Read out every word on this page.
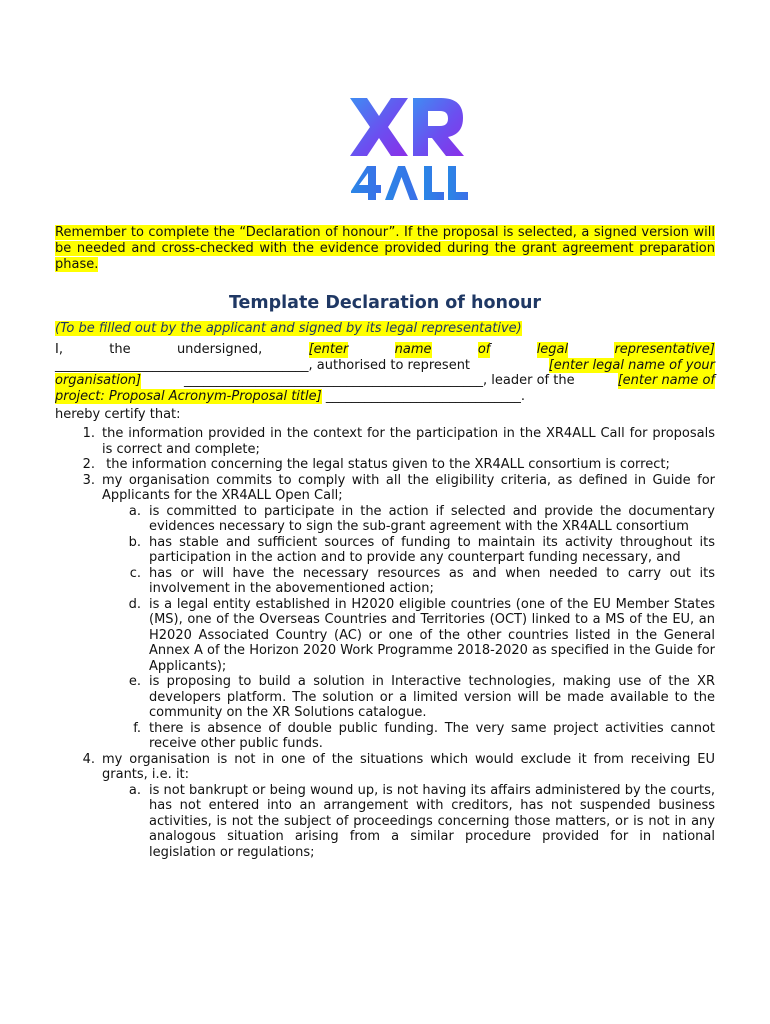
Remember to complete the “Declaration of honour”. If the proposal is selected, a signed version will be needed and cross-checked with the evidence provided during the grant agreement preparation phase.

Template Declaration of honour

(To be filled out by the applicant and signed by its legal representative)

I,	the	undersigned,	[enter	name	of	legal	representative]
_______________________________________, authorised to represent	[enter legal name of your
organisation]	______________________________________________, leader of the	[enter name of
project: Proposal Acronym-Proposal title] ______________________________.

hereby certify that:

1. the information provided in the context for the participation in the XR4ALL Call for proposals is correct and complete;
2. the information concerning the legal status given to the XR4ALL consortium is correct;
3. my organisation commits to comply with all the eligibility criteria, as defined in Guide for Applicants for the XR4ALL Open Call;
a. is committed to participate in the action if selected and provide the documentary evidences necessary to sign the sub-grant agreement with the XR4ALL consortium
b. has stable and sufficient sources of funding to maintain its activity throughout its participation in the action and to provide any counterpart funding necessary, and
c. has or will have the necessary resources as and when needed to carry out its involvement in the abovementioned action;
d. is a legal entity established in H2020 eligible countries (one of the EU Member States (MS), one of the Overseas Countries and Territories (OCT) linked to a MS of the EU, an H2020 Associated Country (AC) or one of the other countries listed in the General Annex A of the Horizon 2020 Work Programme 2018-2020 as specified in the Guide for Applicants);
e. is proposing to build a solution in Interactive technologies, making use of the XR developers platform. The solution or a limited version will be made available to the community on the XR Solutions catalogue.
f. there is absence of double public funding. The very same project activities cannot receive other public funds.
4. my organisation is not in one of the situations which would exclude it from receiving EU grants, i.e. it:
a. is not bankrupt or being wound up, is not having its affairs administered by the courts, has not entered into an arrangement with creditors, has not suspended business activities, is not the subject of proceedings concerning those matters, or is not in any analogous situation arising from a similar procedure provided for in national legislation or regulations;
